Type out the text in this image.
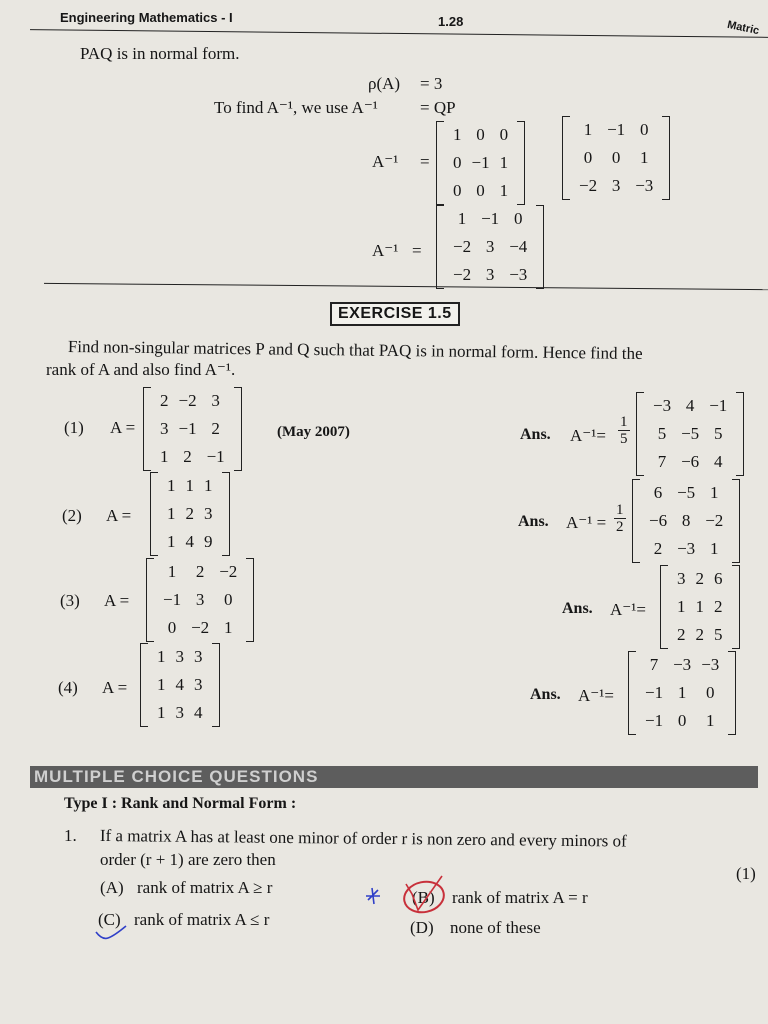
Engineering Mathematics - I	1.28	Matric
PAQ is in normal form.
ρ(A) = 3
To find A⁻¹, we use A⁻¹ = QP
A⁻¹ =
1 0 0
0 −1 1
0 0 1
1 −1 0
0	0	1
−2 3 −3
A⁻¹ =
1 −1 0
−2 3 −4
−2 3 −3
EXERCISE 1.5
Find non-singular matrices P and Q such that PAQ is in normal form. Hence find the
rank of A and also find A⁻¹.
(1) A =
2 −2 3
3 −1 2
1 2 −1
(May 2007)	Ans. $A^{-1}= \frac{1}{5}$
−3 4 −1
5 −5 5
7 −6 4
(2) A =
1 1 1
1 2 3
1 4 9
Ans. $A^{-1} = \frac{1}{2}$
6 −5 1
−6 8 −2
2 −3 1
(3) A =
1	2 −2
−1 3	0
0 −2 1
Ans. A⁻¹=
3 2 6
1 1 2
2 2 5
(4) A =
1 3 3
1 4 3
1 3 4
Ans. A⁻¹=
7 −3 −3
−1 1	0
−1 0	1
MULTIPLE CHOICE QUESTIONS
Type I : Rank and Normal Form :
1. If a matrix A has at least one minor of order r is non zero and every minors of
order (r + 1) are zero then
(1)
(A) rank of matrix A ≥ r
(B) rank of matrix A = r
(C) rank of matrix A ≤ r	(D) none of these
